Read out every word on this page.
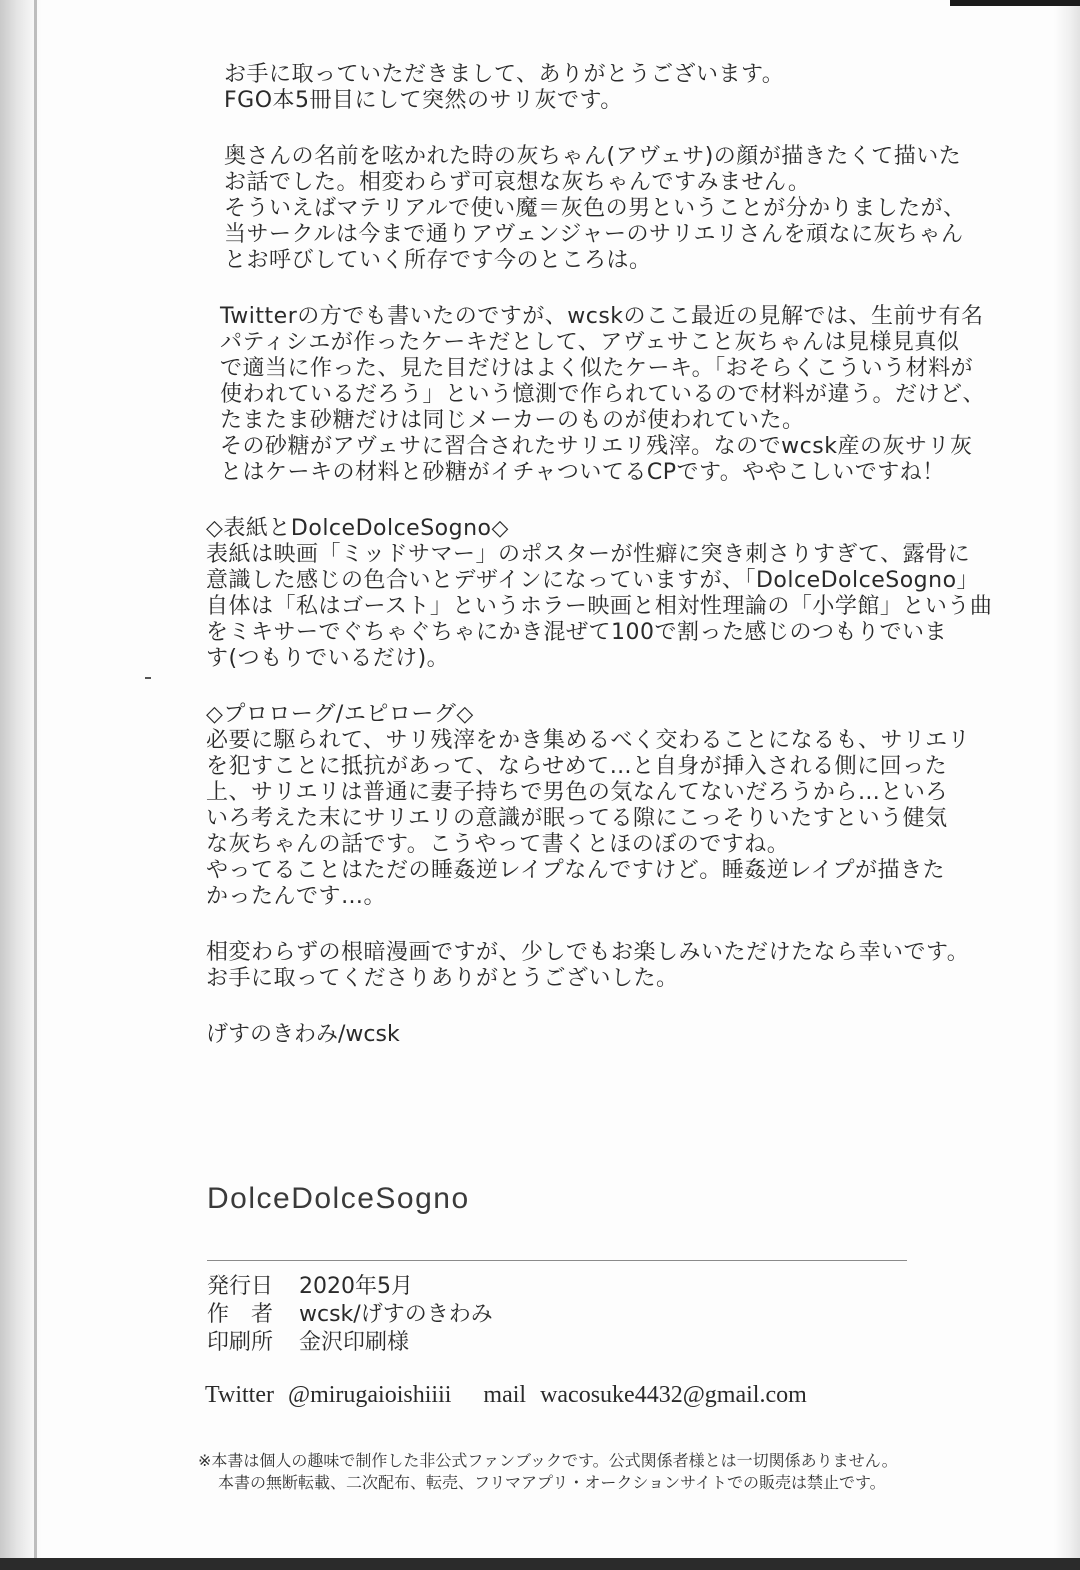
お手に取っていただきまして、ありがとうございます。
FGO本5冊目にして突然のサリ灰です。
奥さんの名前を呟かれた時の灰ちゃん(アヴェサ)の顔が描きたくて描いた
お話でした。相変わらず可哀想な灰ちゃんですみません。
そういえばマテリアルで使い魔＝灰色の男ということが分かりましたが、
当サークルは今まで通りアヴェンジャーのサリエリさんを頑なに灰ちゃん
とお呼びしていく所存です今のところは。
Twitterの方でも書いたのですが、wcskのここ最近の見解では、生前サ有名
パティシエが作ったケーキだとして、アヴェサこと灰ちゃんは見様見真似
で適当に作った、見た目だけはよく似たケーキ。「おそらくこういう材料が
使われているだろう」という憶測で作られているので材料が違う。だけど、
たまたま砂糖だけは同じメーカーのものが使われていた。
その砂糖がアヴェサに習合されたサリエリ残滓。なのでwcsk産の灰サリ灰
とはケーキの材料と砂糖がイチャついてるCPです。ややこしいですね！
◇表紙とDolceDolceSogno◇
表紙は映画「ミッドサマー」のポスターが性癖に突き刺さりすぎて、露骨に
意識した感じの色合いとデザインになっていますが、「DolceDolceSogno」
自体は「私はゴースト」というホラー映画と相対性理論の「小学館」という曲
をミキサーでぐちゃぐちゃにかき混ぜて100で割った感じのつもりでいま
す(つもりでいるだけ)。
◇プロローグ/エピローグ◇
必要に駆られて、サリ残滓をかき集めるべく交わることになるも、サリエリ
を犯すことに抵抗があって、ならせめて…と自身が挿入される側に回った
上、サリエリは普通に妻子持ちで男色の気なんてないだろうから…といろ
いろ考えた末にサリエリの意識が眠ってる隙にこっそりいたすという健気
な灰ちゃんの話です。こうやって書くとほのぼのですね。
やってることはただの睡姦逆レイプなんですけど。睡姦逆レイプが描きた
かったんです…。
相変わらずの根暗漫画ですが、少しでもお楽しみいただけたなら幸いです。
お手に取ってくださりありがとうございした。
げすのきわみ/wcsk
DolceDolceSogno
発行日	2020年5月
作　者	wcsk/げすのきわみ
印刷所	金沢印刷様
Twitter @mirugaioishiiii mail wacosuke4432@gmail.com
※本書は個人の趣味で制作した非公式ファンブックです。公式関係者様とは一切関係ありません。
本書の無断転載、二次配布、転売、フリマアプリ・オークションサイトでの販売は禁止です。
